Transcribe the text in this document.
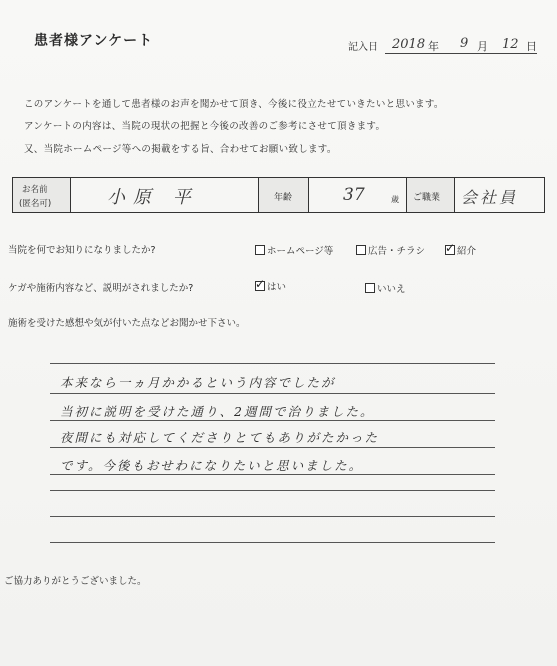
患者様アンケート	記入日 2018 年 9 月 12 日
このアンケートを通して患者様のお声を聞かせて頂き、今後に役立たせていきたいと思います。
アンケートの内容は、当院の現状の把握と今後の改善のご参考にさせて頂きます。
又、当院ホームページ等への掲載をする旨、合わせてお願い致します。
お名前
(匿名可)	小原 平	年齢	37	歳 ご職業 会社員
当院を何でお知りになりましたか?	ホームページ等	広告・チラシ ✓	紹介
ケガや施術内容など、説明がされましたか? ✓	はい	いいえ
施術を受けた感想や気が付いた点などお聞かせ下さい。
本来なら一ヵ月かかるという内容でしたが
当初に説明を受けた通り、2週間で治りました。
夜間にも対応してくださりとてもありがたかった
です。今後もおせわになりたいと思いました。
ご協力ありがとうございました。
